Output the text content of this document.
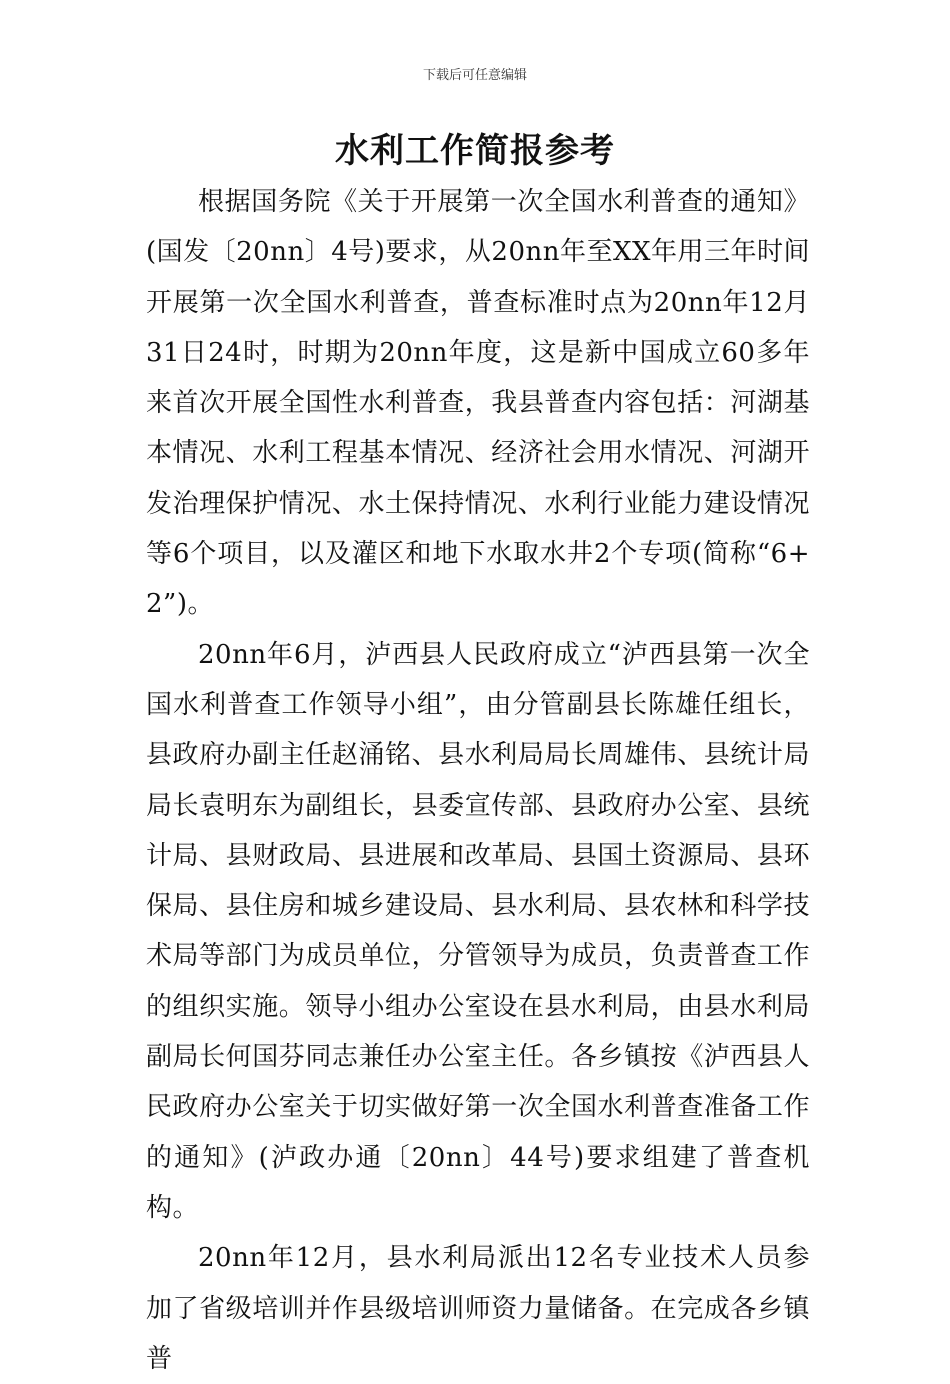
下载后可任意编辑
水利工作简报参考

根据国务院《关于开展第一次全国水利普查的通知》(国发〔20nn〕4号)要求，从20nn年至XX年用三年时间开展第一次全国水利普查，普查标准时点为20nn年12月31日24时，时期为20nn年度，这是新中国成立60多年来首次开展全国性水利普查，我县普查内容包括：河湖基本情况、水利工程基本情况、经济社会用水情况、河湖开发治理保护情况、水土保持情况、水利行业能力建设情况等6个项目，以及灌区和地下水取水井2个专项(简称“6+2”)。

20nn年6月，泸西县人民政府成立“泸西县第一次全国水利普查工作领导小组”，由分管副县长陈雄任组长，县政府办副主任赵涌铭、县水利局局长周雄伟、县统计局局长袁明东为副组长，县委宣传部、县政府办公室、县统计局、县财政局、县进展和改革局、县国土资源局、县环保局、县住房和城乡建设局、县水利局、县农林和科学技术局等部门为成员单位，分管领导为成员，负责普查工作的组织实施。领导小组办公室设在县水利局，由县水利局副局长何国芬同志兼任办公室主任。各乡镇按《泸西县人民政府办公室关于切实做好第一次全国水利普查准备工作的通知》(泸政办通〔20nn〕44号)要求组建了普查机构。

20nn年12月，县水利局派出12名专业技术人员参加了省级培训并作县级培训师资力量储备。在完成各乡镇普
